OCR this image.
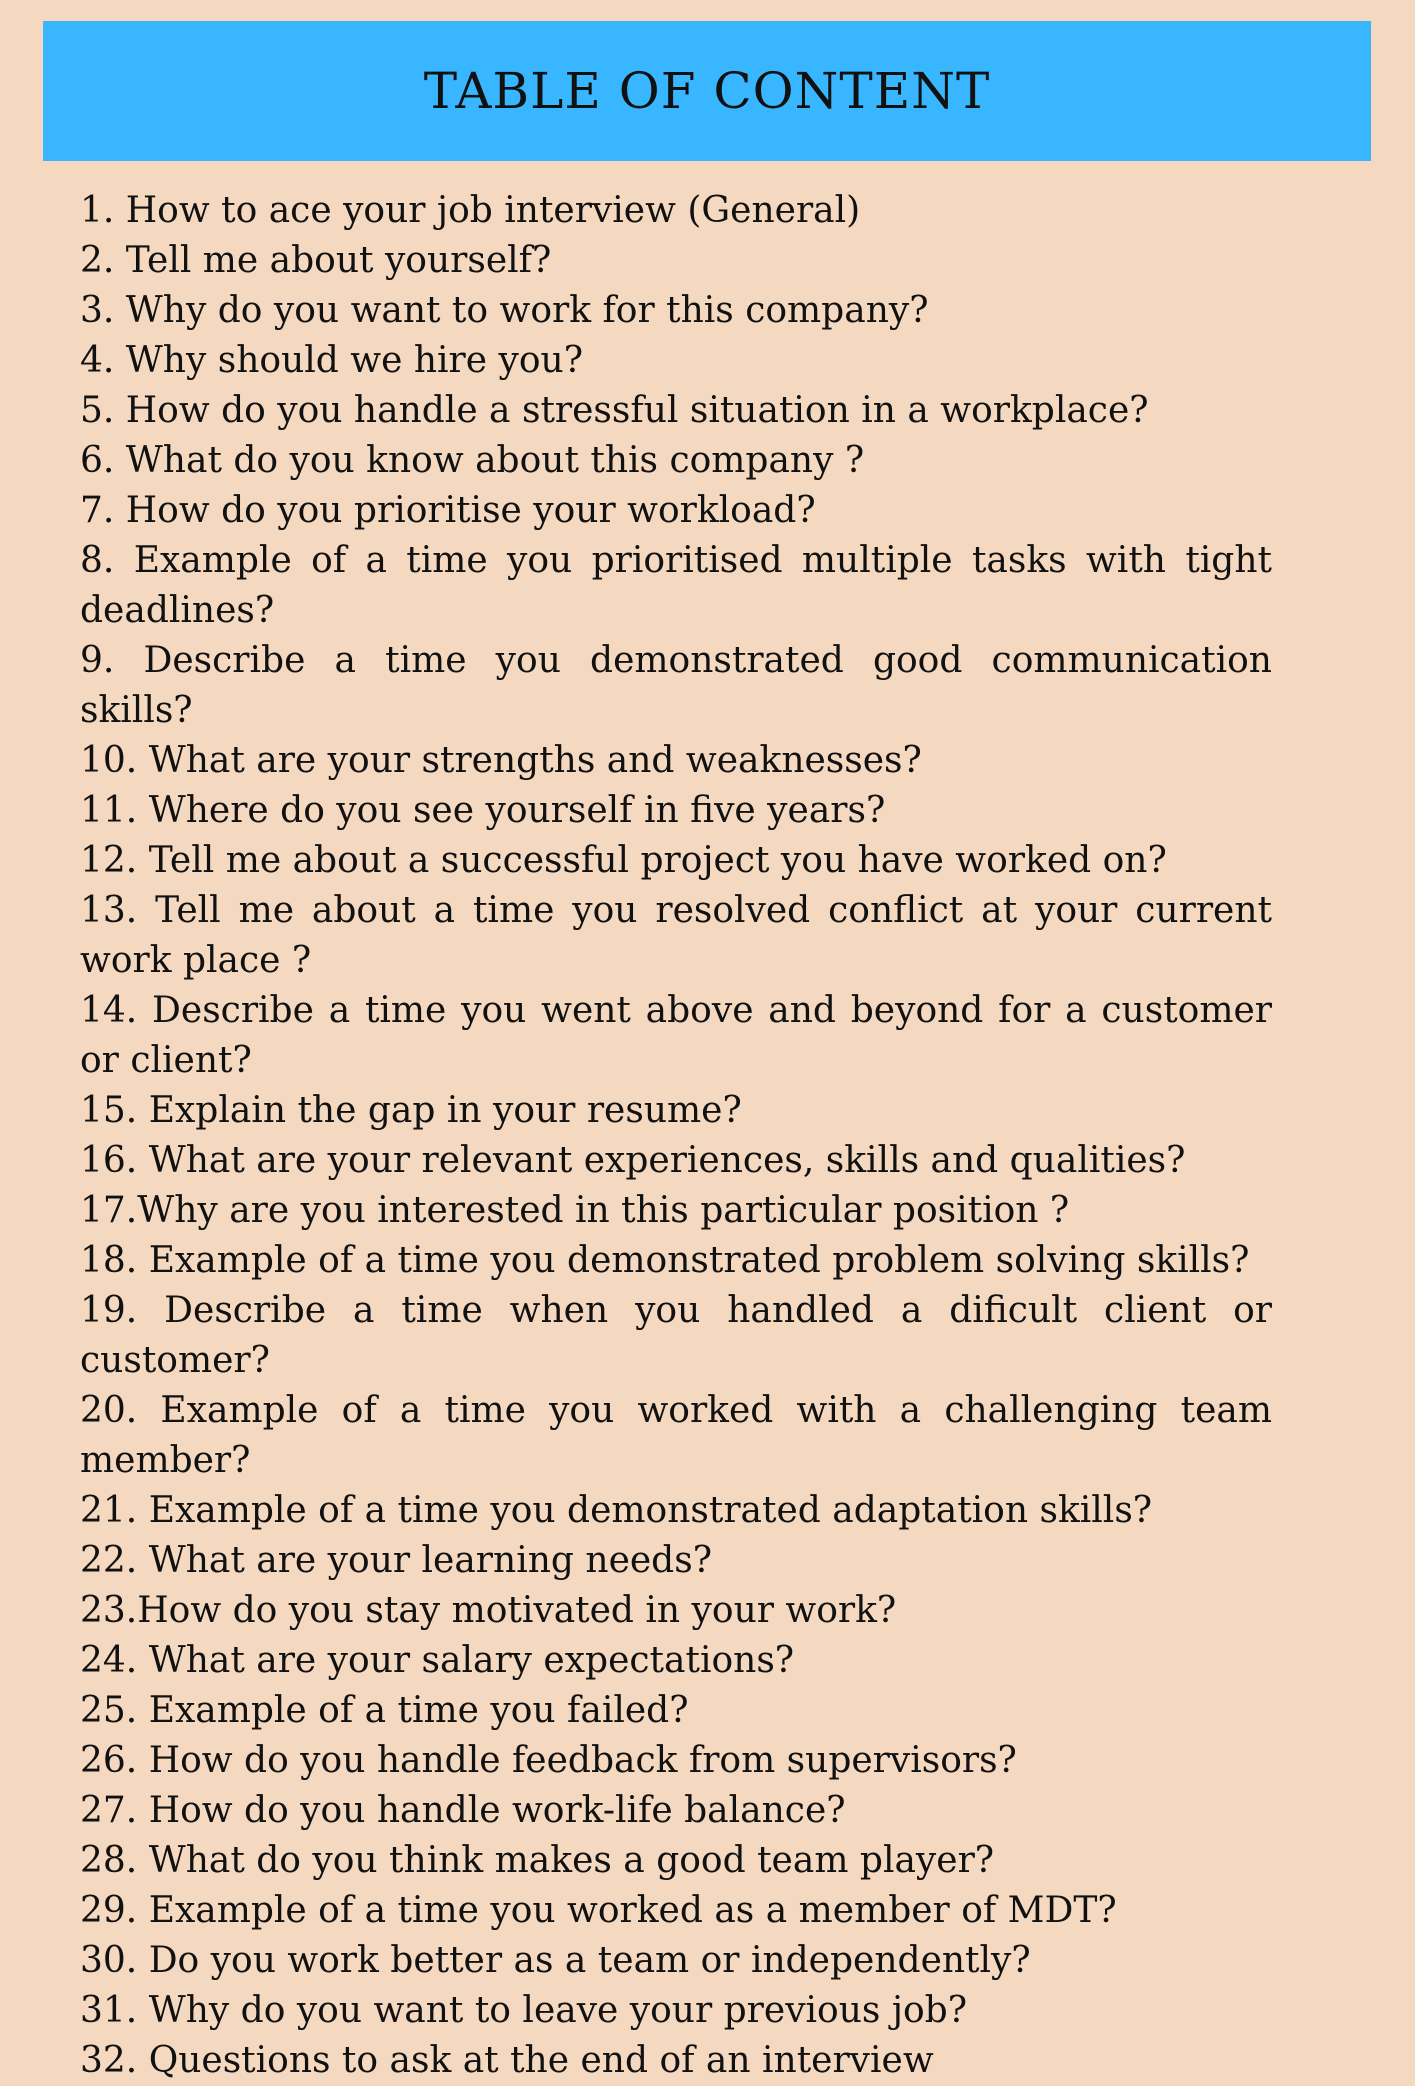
TABLE OF CONTENT
1. How to ace your job interview (General)
2. Tell me about yourself?
3. Why do you want to work for this company?
4. Why should we hire you?
5. How do you handle a stressful situation in a workplace?
6. What do you know about this company ?
7. How do you prioritise your workload?
8. Example of a time you prioritised multiple tasks with tight deadlines?
9. Describe a time you demonstrated good communication skills?
10. What are your strengths and weaknesses?
11. Where do you see yourself in five years?
12. Tell me about a successful project you have worked on?
13. Tell me about a time you resolved conflict at your current work place ?
14. Describe a time you went above and beyond for a customer or client?
15. Explain the gap in your resume?
16. What are your relevant experiences, skills and qualities?
17.Why are you interested in this particular position ?
18. Example of a time you demonstrated problem solving skills?
19. Describe a time when you handled a dificult client or customer?
20. Example of a time you worked with a challenging team member?
21. Example of a time you demonstrated adaptation skills?
22. What are your learning needs?
23.How do you stay motivated in your work?
24. What are your salary expectations?
25. Example of a time you failed?
26. How do you handle feedback from supervisors?
27. How do you handle work-life balance?
28. What do you think makes a good team player?
29. Example of a time you worked as a member of MDT?
30. Do you work better as a team or independently?
31. Why do you want to leave your previous job?
32. Questions to ask at the end of an interview
